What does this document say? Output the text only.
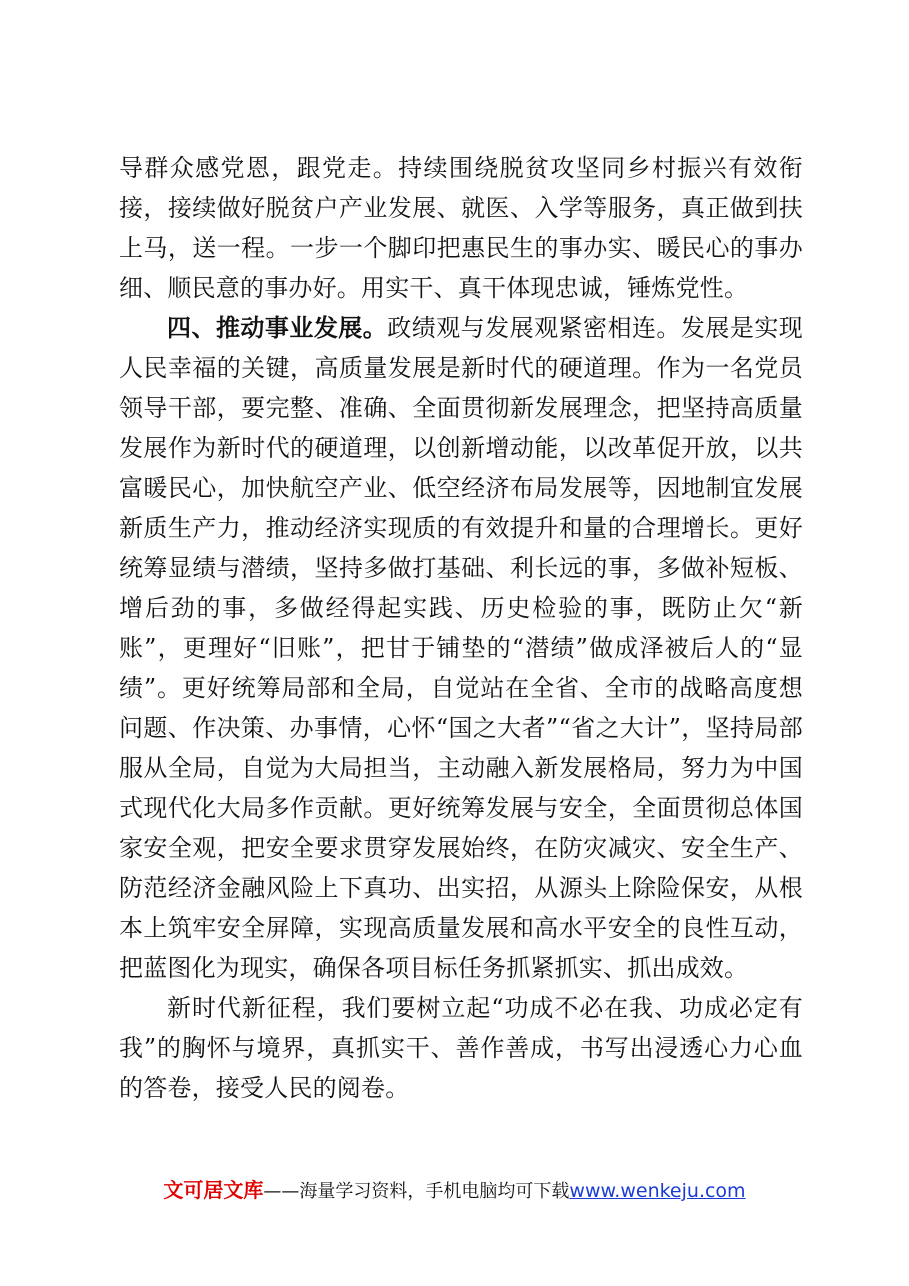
导群众感党恩，跟党走。持续围绕脱贫攻坚同乡村振兴有效衔接，接续做好脱贫户产业发展、就医、入学等服务，真正做到扶上马，送一程。一步一个脚印把惠民生的事办实、暖民心的事办细、顺民意的事办好。用实干、真干体现忠诚，锤炼党性。

四、推动事业发展。政绩观与发展观紧密相连。发展是实现人民幸福的关键，高质量发展是新时代的硬道理。作为一名党员领导干部，要完整、准确、全面贯彻新发展理念，把坚持高质量发展作为新时代的硬道理，以创新增动能，以改革促开放，以共富暖民心，加快航空产业、低空经济布局发展等，因地制宜发展新质生产力，推动经济实现质的有效提升和量的合理增长。更好统筹显绩与潜绩，坚持多做打基础、利长远的事，多做补短板、增后劲的事，多做经得起实践、历史检验的事，既防止欠“新账”，更理好“旧账”，把甘于铺垫的“潜绩”做成泽被后人的“显绩”。更好统筹局部和全局，自觉站在全省、全市的战略高度想问题、作决策、办事情，心怀“国之大者”“省之大计”，坚持局部服从全局，自觉为大局担当，主动融入新发展格局，努力为中国式现代化大局多作贡献。更好统筹发展与安全，全面贯彻总体国家安全观，把安全要求贯穿发展始终，在防灾减灾、安全生产、防范经济金融风险上下真功、出实招，从源头上除险保安，从根本上筑牢安全屏障，实现高质量发展和高水平安全的良性互动，把蓝图化为现实，确保各项目标任务抓紧抓实、抓出成效。

新时代新征程，我们要树立起“功成不必在我、功成必定有我”的胸怀与境界，真抓实干、善作善成，书写出浸透心力心血的答卷，接受人民的阅卷。

文可居文库——海量学习资料，手机电脑均可下载www.wenkeju.com
